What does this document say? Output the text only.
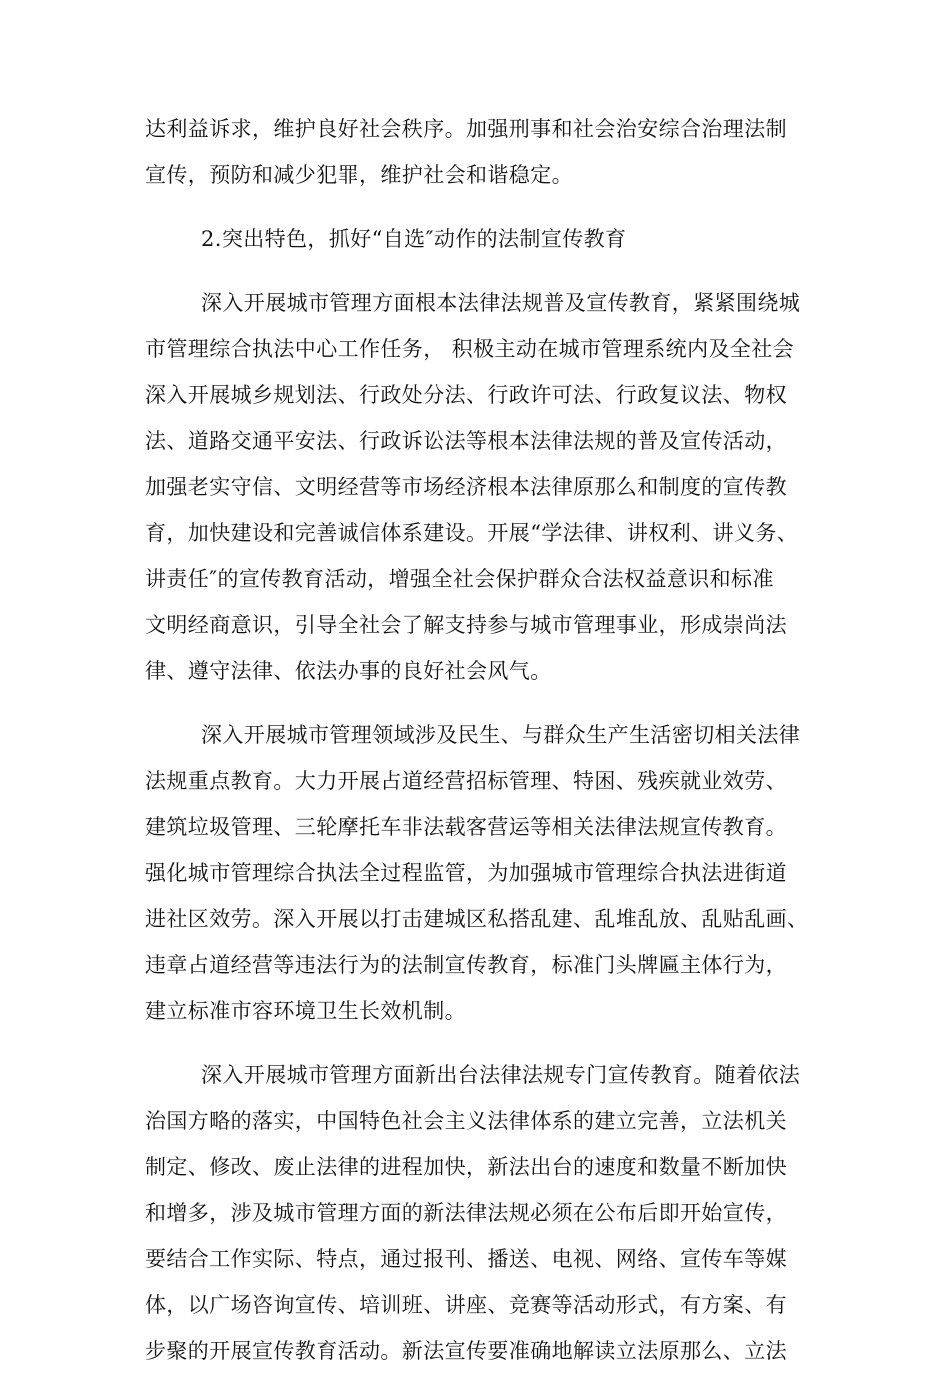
达利益诉求，维护良好社会秩序。加强刑事和社会治安综合治理法制
宣传，预防和减少犯罪，维护社会和谐稳定。
2.突出特色，抓好“自选″动作的法制宣传教育
深入开展城市管理方面根本法律法规普及宣传教育，紧紧围绕城
市管理综合执法中心工作任务， 积极主动在城市管理系统内及全社会
深入开展城乡规划法、行政处分法、行政许可法、行政复议法、物权
法、道路交通平安法、行政诉讼法等根本法律法规的普及宣传活动，
加强老实守信、文明经营等市场经济根本法律原那么和制度的宣传教
育，加快建设和完善诚信体系建设。开展“学法律、讲权利、讲义务、
讲责任″的宣传教育活动，增强全社会保护群众合法权益意识和标准
文明经商意识，引导全社会了解支持参与城市管理事业，形成崇尚法
律、遵守法律、依法办事的良好社会风气。
深入开展城市管理领域涉及民生、与群众生产生活密切相关法律
法规重点教育。大力开展占道经营招标管理、特困、残疾就业效劳、
建筑垃圾管理、三轮摩托车非法载客营运等相关法律法规宣传教育。
强化城市管理综合执法全过程监管，为加强城市管理综合执法进街道
进社区效劳。深入开展以打击建城区私搭乱建、乱堆乱放、乱贴乱画、
违章占道经营等违法行为的法制宣传教育，标准门头牌匾主体行为，
建立标准市容环境卫生长效机制。
深入开展城市管理方面新出台法律法规专门宣传教育。随着依法
治国方略的落实，中国特色社会主义法律体系的建立完善，立法机关
制定、修改、废止法律的进程加快，新法出台的速度和数量不断加快
和增多，涉及城市管理方面的新法律法规必须在公布后即开始宣传，
要结合工作实际、特点，通过报刊、播送、电视、网络、宣传车等媒
体，以广场咨询宣传、培训班、讲座、竞赛等活动形式，有方案、有
步聚的开展宣传教育活动。新法宣传要准确地解读立法原那么、立法
